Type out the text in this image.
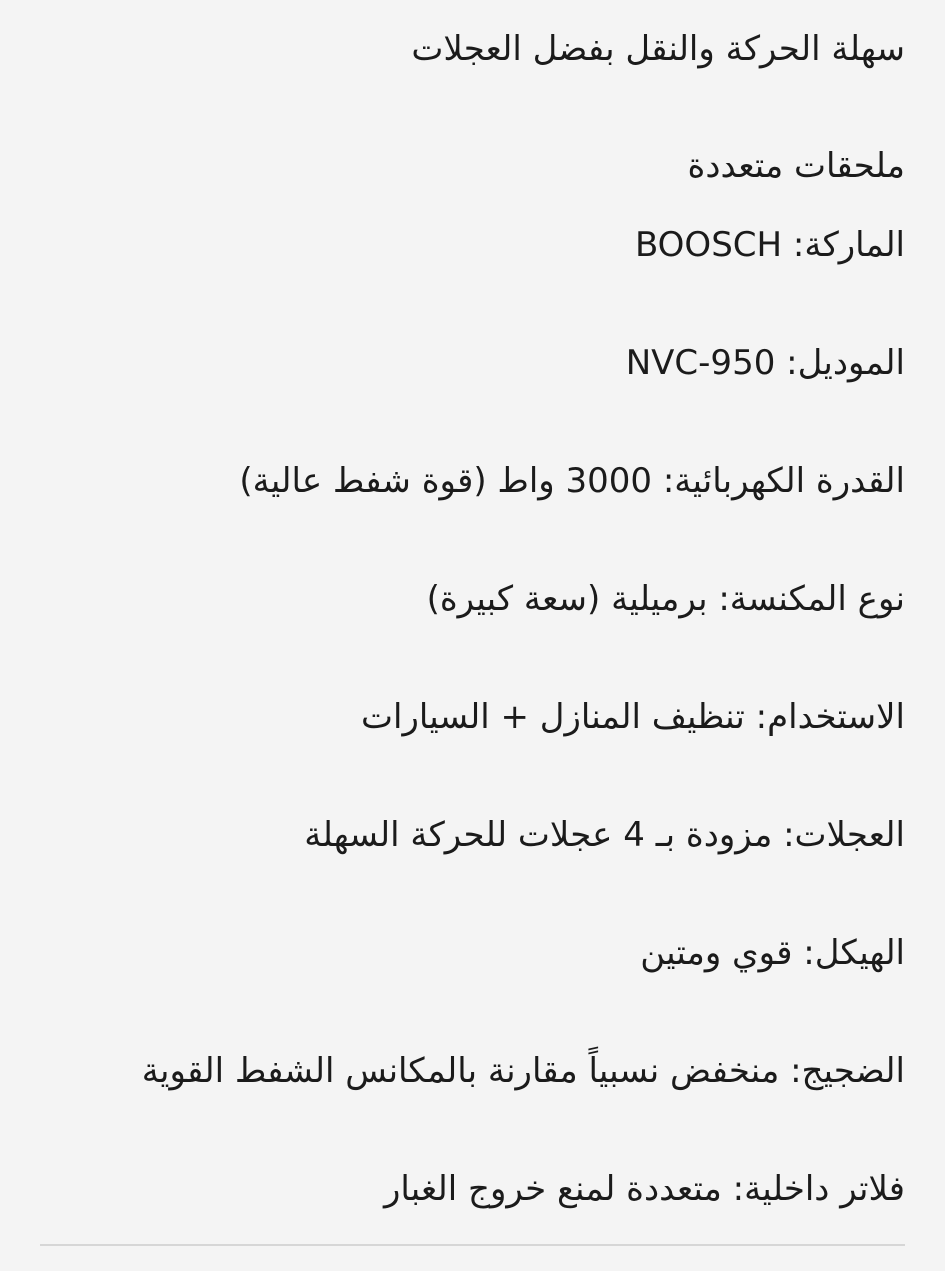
سهلة الحركة والنقل بفضل العجلات
ملحقات متعددة
الماركة: BOOSCH
الموديل: NVC-950
القدرة الكهربائية: 3000 واط (قوة شفط عالية)
نوع المكنسة: برميلية (سعة كبيرة)
الاستخدام: تنظيف المنازل + السيارات
العجلات: مزودة بـ 4 عجلات للحركة السهلة
الهيكل: قوي ومتين
الضجيج: منخفض نسبياً مقارنة بالمكانس الشفط القوية
فلاتر داخلية: متعددة لمنع خروج الغبار
